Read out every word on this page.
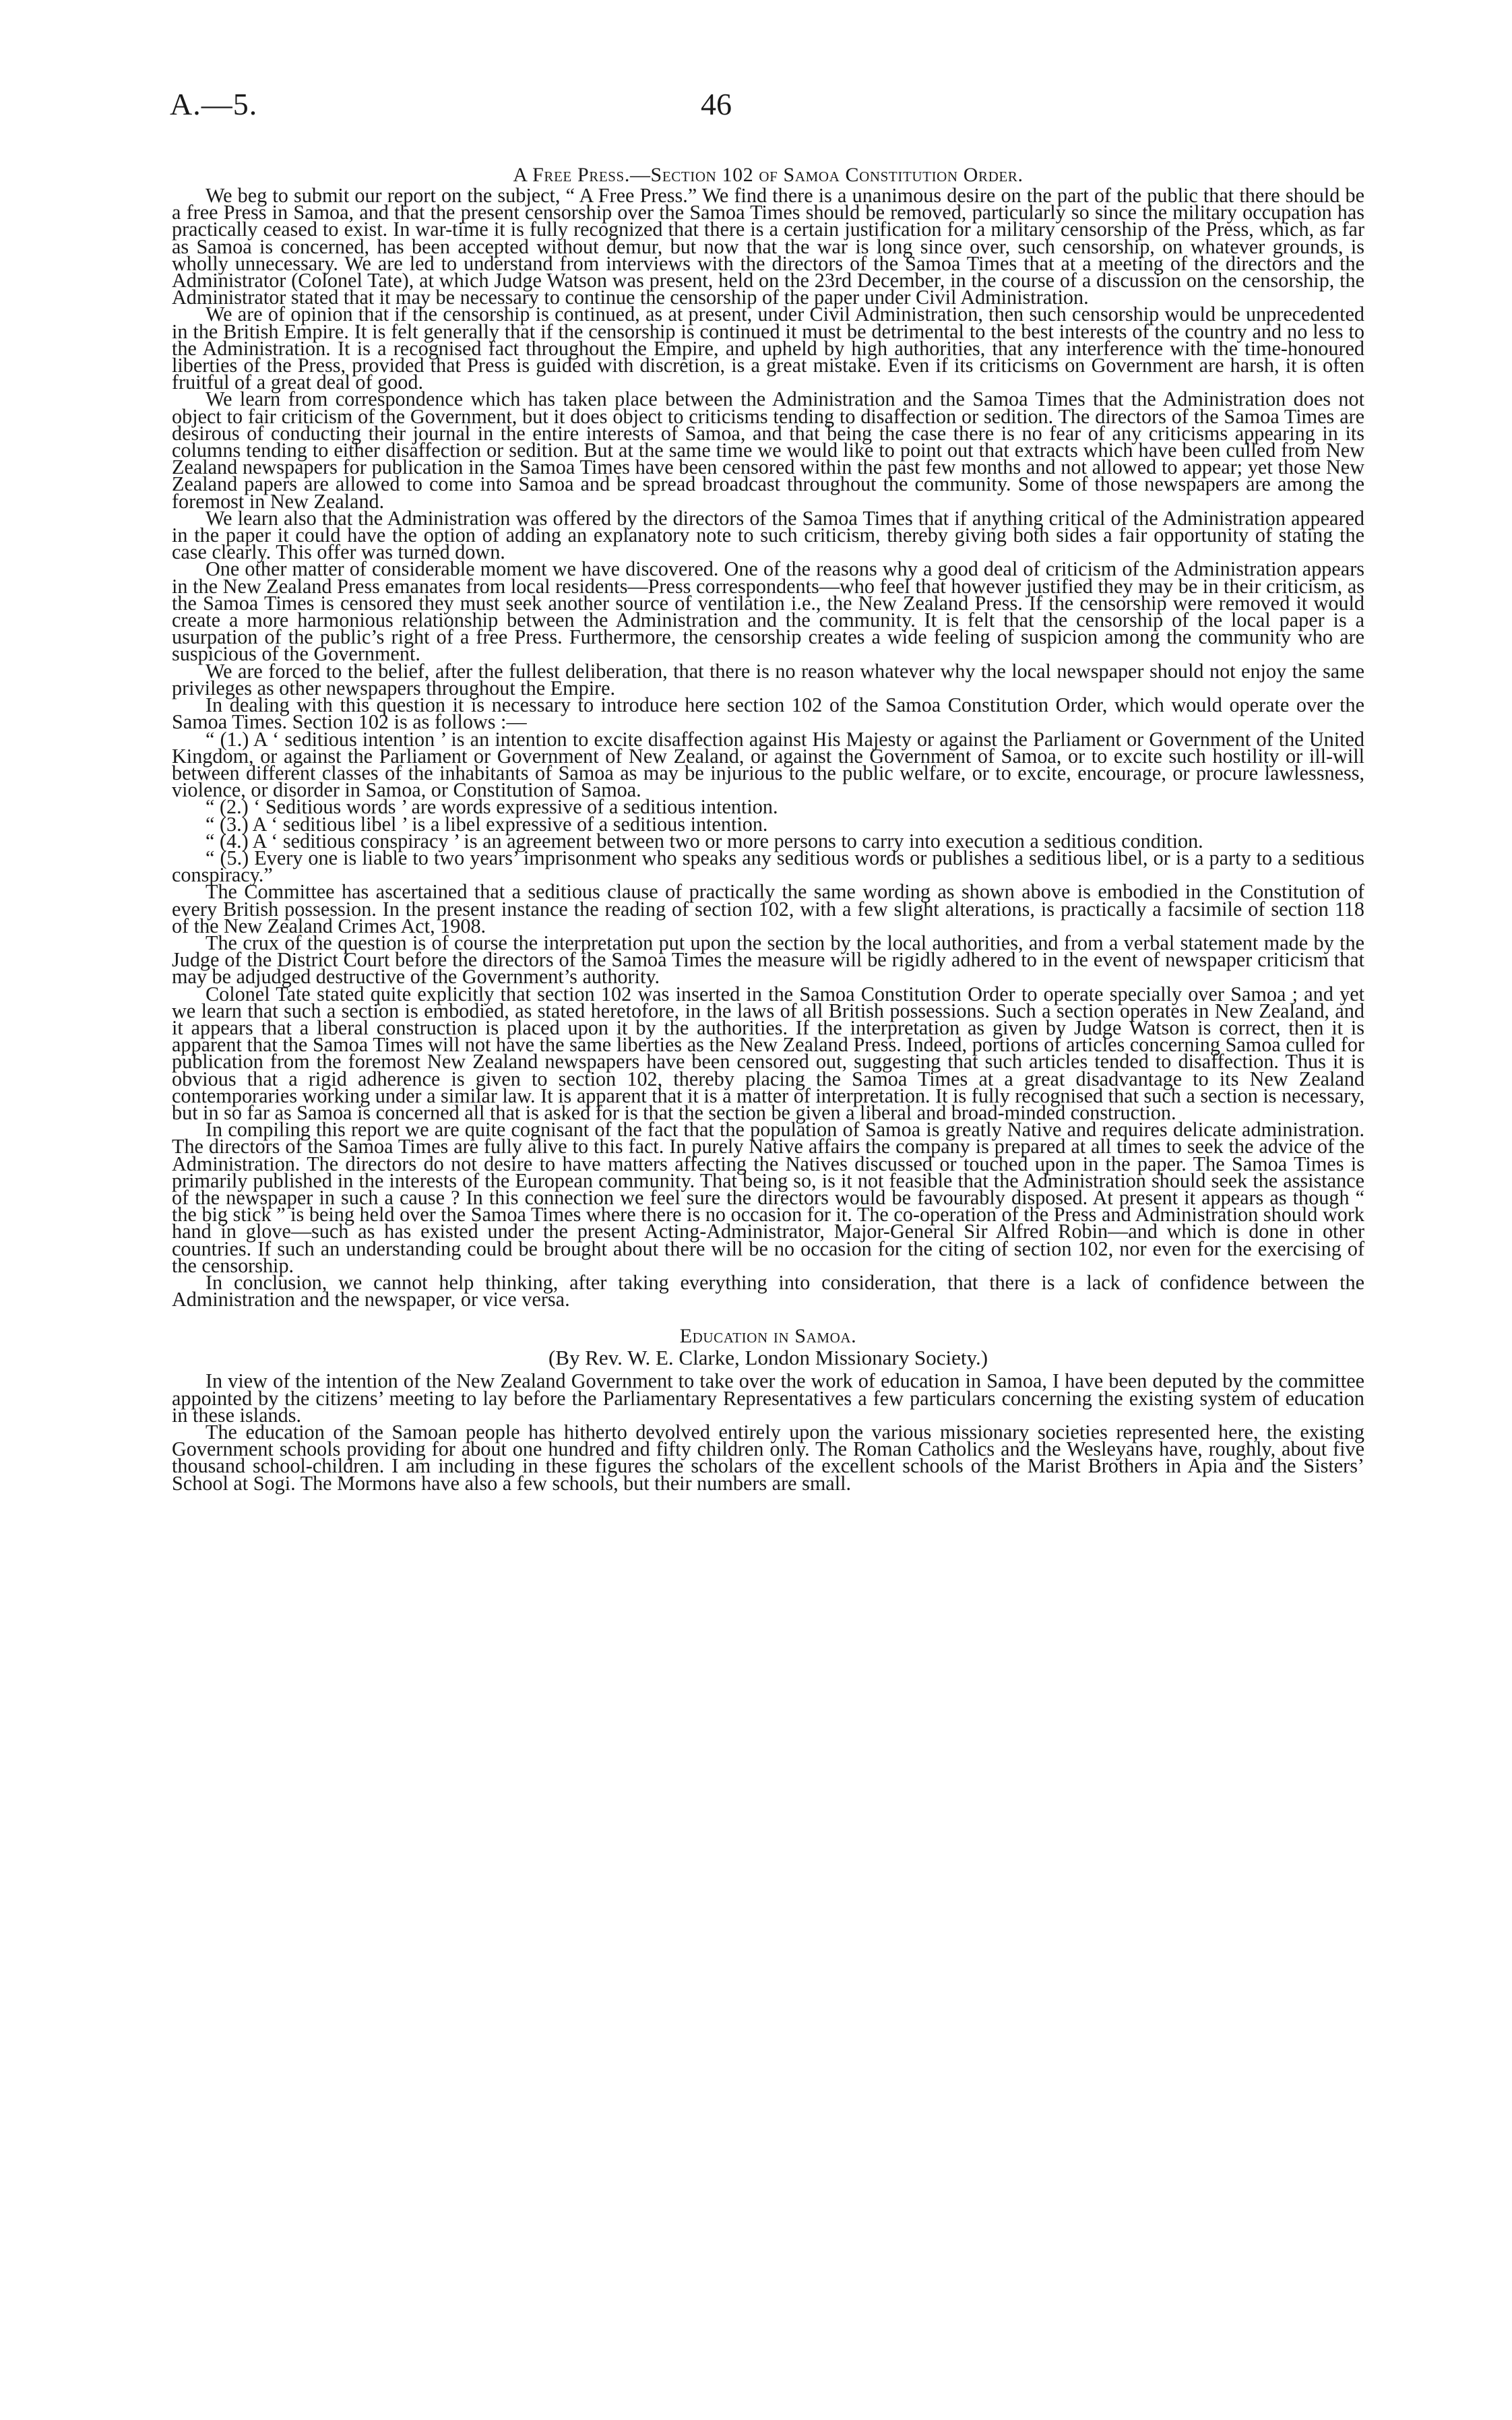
A.—5.	46
A Free Press.—Section 102 of Samoa Constitution Order.

We beg to submit our report on the subject, “ A Free Press.” We find there is a unanimous desire on the part of the public that there should be a free Press in Samoa, and that the present censorship over the Samoa Times should be removed, particularly so since the military occupation has practically ceased to exist. In war-time it is fully recognized that there is a certain justification for a military censorship of the Press, which, as far as Samoa is concerned, has been accepted without demur, but now that the war is long since over, such censorship, on whatever grounds, is wholly unnecessary. We are led to understand from interviews with the directors of the Samoa Times that at a meeting of the directors and the Administrator (Colonel Tate), at which Judge Watson was present, held on the 23rd December, in the course of a discussion on the censorship, the Administrator stated that it may be necessary to continue the censorship of the paper under Civil Administration.

We are of opinion that if the censorship is continued, as at present, under Civil Administration, then such censorship would be unprecedented in the British Empire. It is felt generally that if the censorship is continued it must be detrimental to the best interests of the country and no less to the Administration. It is a recognised fact throughout the Empire, and upheld by high authorities, that any interference with the time-honoured liberties of the Press, provided that Press is guided with discretion, is a great mistake. Even if its criticisms on Government are harsh, it is often fruitful of a great deal of good.

We learn from correspondence which has taken place between the Administration and the Samoa Times that the Administration does not object to fair criticism of the Government, but it does object to criticisms tending to disaffection or sedition. The directors of the Samoa Times are desirous of conducting their journal in the entire interests of Samoa, and that being the case there is no fear of any criticisms appearing in its columns tending to either disaffection or sedition. But at the same time we would like to point out that extracts which have been culled from New Zealand newspapers for publication in the Samoa Times have been censored within the past few months and not allowed to appear; yet those New Zealand papers are allowed to come into Samoa and be spread broadcast throughout the community. Some of those newspapers are among the foremost in New Zealand.

We learn also that the Administration was offered by the directors of the Samoa Times that if anything critical of the Administration appeared in the paper it could have the option of adding an explanatory note to such criticism, thereby giving both sides a fair opportunity of stating the case clearly. This offer was turned down.

One other matter of considerable moment we have discovered. One of the reasons why a good deal of criticism of the Administration appears in the New Zealand Press emanates from local residents—Press correspondents—who feel that however justified they may be in their criticism, as the Samoa Times is censored they must seek another source of ventilation i.e., the New Zealand Press. If the censorship were removed it would create a more harmonious relationship between the Administration and the community. It is felt that the censorship of the local paper is a usurpation of the public’s right of a free Press. Furthermore, the censorship creates a wide feeling of suspicion among the community who are suspicious of the Government.

We are forced to the belief, after the fullest deliberation, that there is no reason whatever why the local newspaper should not enjoy the same privileges as other newspapers throughout the Empire.

In dealing with this question it is necessary to introduce here section 102 of the Samoa Constitution Order, which would operate over the Samoa Times. Section 102 is as follows :—

“ (1.) A ‘ seditious intention ’ is an intention to excite disaffection against His Majesty or against the Parliament or Government of the United Kingdom, or against the Parliament or Government of New Zealand, or against the Government of Samoa, or to excite such hostility or ill-will between different classes of the inhabitants of Samoa as may be injurious to the public welfare, or to excite, encourage, or procure lawlessness, violence, or disorder in Samoa, or Constitution of Samoa.

“ (2.) ‘ Seditious words ’ are words expressive of a seditious intention.

“ (3.) A ‘ seditious libel ’ is a libel expressive of a seditious intention.

“ (4.) A ‘ seditious conspiracy ’ is an agreement between two or more persons to carry into execution a seditious condition.

“ (5.) Every one is liable to two years’ imprisonment who speaks any seditious words or publishes a seditious libel, or is a party to a seditious conspiracy.”

The Committee has ascertained that a seditious clause of practically the same wording as shown above is embodied in the Constitution of every British possession. In the present instance the reading of section 102, with a few slight alterations, is practically a facsimile of section 118 of the New Zealand Crimes Act, 1908.

The crux of the question is of course the interpretation put upon the section by the local authorities, and from a verbal statement made by the Judge of the District Court before the directors of the Samoa Times the measure will be rigidly adhered to in the event of newspaper criticism that may be adjudged destructive of the Government’s authority.

Colonel Tate stated quite explicitly that section 102 was inserted in the Samoa Constitution Order to operate specially over Samoa ; and yet we learn that such a section is embodied, as stated heretofore, in the laws of all British possessions. Such a section operates in New Zealand, and it appears that a liberal construction is placed upon it by the authorities. If the interpretation as given by Judge Watson is correct, then it is apparent that the Samoa Times will not have the same liberties as the New Zealand Press. Indeed, portions of articles concerning Samoa culled for publication from the foremost New Zealand newspapers have been censored out, suggesting that such articles tended to disaffection. Thus it is obvious that a rigid adherence is given to section 102, thereby placing the Samoa Times at a great disadvantage to its New Zealand contemporaries working under a similar law. It is apparent that it is a matter of interpretation. It is fully recognised that such a section is necessary, but in so far as Samoa is concerned all that is asked for is that the section be given a liberal and broad-minded construction.

In compiling this report we are quite cognisant of the fact that the population of Samoa is greatly Native and requires delicate administration. The directors of the Samoa Times are fully alive to this fact. In purely Native affairs the company is prepared at all times to seek the advice of the Administration. The directors do not desire to have matters affecting the Natives discussed or touched upon in the paper. The Samoa Times is primarily published in the interests of the European community. That being so, is it not feasible that the Administration should seek the assistance of the newspaper in such a cause ? In this connection we feel sure the directors would be favourably disposed. At present it appears as though “ the big stick ” is being held over the Samoa Times where there is no occasion for it. The co-operation of the Press and Administration should work hand in glove—such as has existed under the present Acting-Administrator, Major-General Sir Alfred Robin—and which is done in other countries. If such an understanding could be brought about there will be no occasion for the citing of section 102, nor even for the exercising of the censorship.

In conclusion, we cannot help thinking, after taking everything into consideration, that there is a lack of confidence between the Administration and the newspaper, or vice versa.

Education in Samoa.
(By Rev. W. E. Clarke, London Missionary Society.)

In view of the intention of the New Zealand Government to take over the work of education in Samoa, I have been deputed by the committee appointed by the citizens’ meeting to lay before the Parliamentary Representatives a few particulars concerning the existing system of education in these islands.

The education of the Samoan people has hitherto devolved entirely upon the various missionary societies represented here, the existing Government schools providing for about one hundred and fifty children only. The Roman Catholics and the Wesleyans have, roughly, about five thousand school-children. I am including in these figures the scholars of the excellent schools of the Marist Brothers in Apia and the Sisters’ School at Sogi. The Mormons have also a few schools, but their numbers are small.
